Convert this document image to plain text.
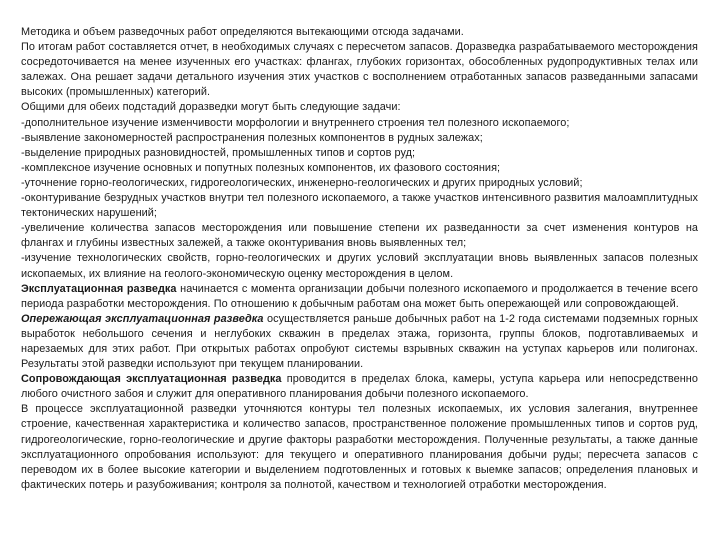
Методика и объем разведочных работ определяются вытекающими отсюда задачами.

По итогам работ составляется отчет, в необходимых случаях с пересчетом запасов. Доразведка разрабатываемого месторождения сосредоточивается на менее изученных его участках: флангах, глубоких горизонтах, обособленных рудопродуктивных телах или залежах. Она решает задачи детального изучения этих участков с восполнением отработанных запасов разведанными запасами высоких (промышленных) категорий.

Общими для обеих подстадий доразведки могут быть следующие задачи:

-дополнительное изучение изменчивости морфологии и внутреннего строения тел полезного ископаемого;

-выявление закономерностей распространения полезных компонентов в рудных залежах;

-выделение природных разновидностей, промышленных типов и сортов руд;

-комплексное изучение основных и попутных полезных компонентов, их фазового состояния;

-уточнение горно-геологических, гидрогеологических, инженерно-геологических и других природных условий;

-оконтуривание безрудных участков внутри тел полезного ископаемого, а также участков интенсивного развития малоамплитудных тектонических нарушений;

-увеличение количества запасов месторождения или повышение степени их разведанности за счет изменения контуров на флангах и глубины известных залежей, а также оконтуривания вновь выявленных тел;

-изучение технологических свойств, горно-геологических и других условий эксплуатации вновь выявленных запасов полезных ископаемых, их влияние на геолого-экономическую оценку месторождения в целом.

Эксплуатационная разведка начинается с момента организации добычи полезного ископаемого и продолжается в течение всего периода разработки месторождения. По отношению к добычным работам она может быть опережающей или сопровождающей.

Опережающая эксплуатационная разведка осуществляется раньше добычных работ на 1-2 года системами подземных горных выработок небольшого сечения и неглубоких скважин в пределах этажа, горизонта, группы блоков, подготавливаемых и нарезаемых для этих работ. При открытых работах опробуют системы взрывных скважин на уступах карьеров или полигонах. Результаты этой разведки используют при текущем планировании.

Сопровождающая эксплуатационная разведка проводится в пределах блока, камеры, уступа карьера или непосредственно любого очистного забоя и служит для оперативного планирования добычи полезного ископаемого.

В процессе эксплуатационной разведки уточняются контуры тел полезных ископаемых, их условия залегания, внутреннее строение, качественная характеристика и количество запасов, пространственное положение промышленных типов и сортов руд, гидрогеологические, горно-геологические и другие факторы разработки месторождения. Полученные результаты, а также данные эксплуатационного опробования используют: для текущего и оперативного планирования добычи руды; пересчета запасов с переводом их в более высокие категории и выделением подготовленных и готовых к выемке запасов; определения плановых и фактических потерь и разубоживания; контроля за полнотой, качеством и технологией отработки месторождения.
